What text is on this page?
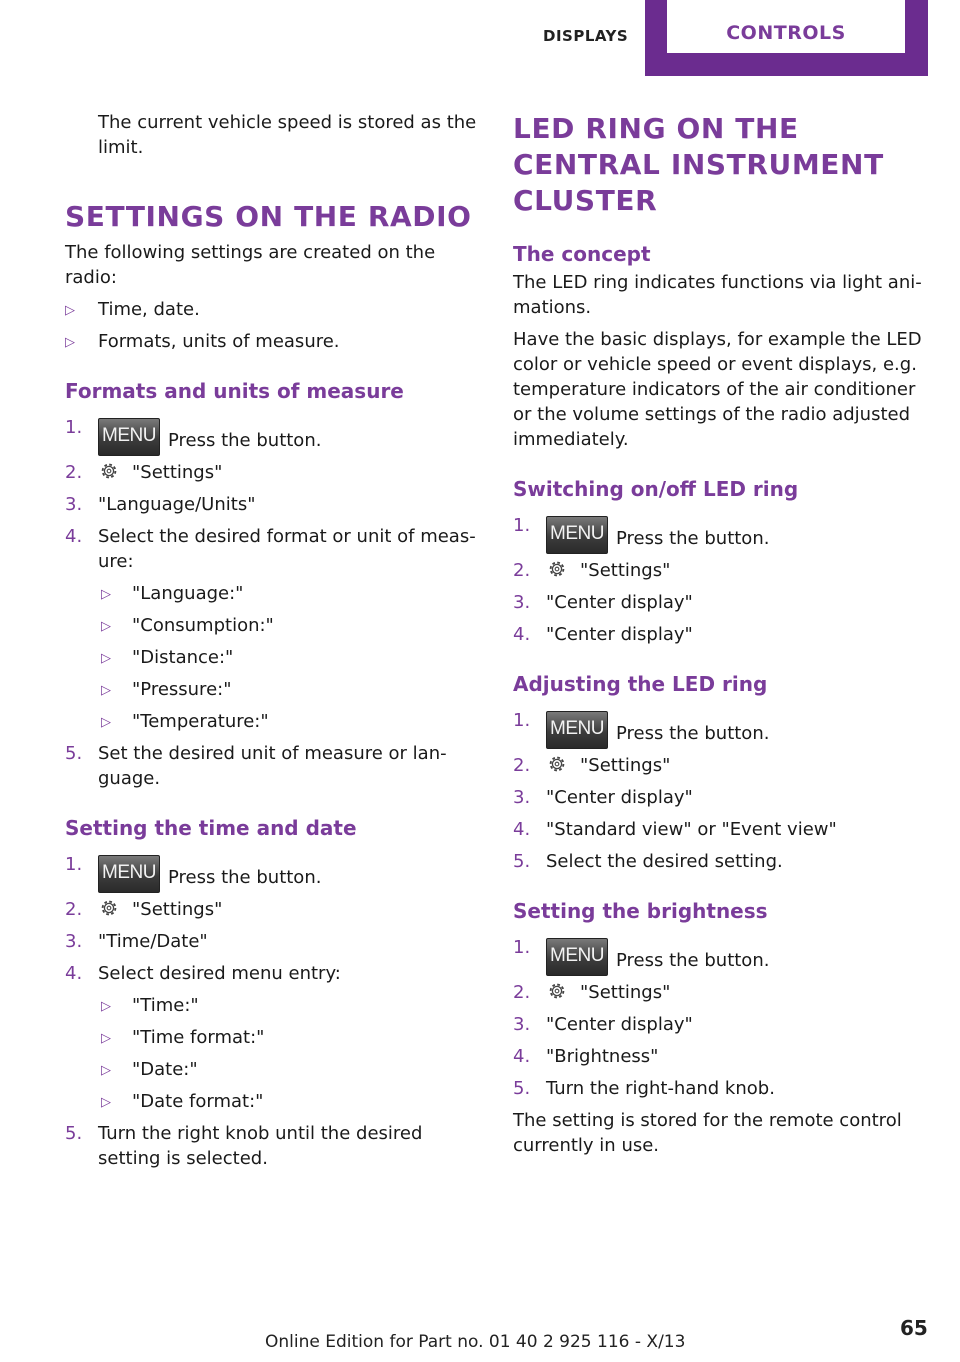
DISPLAYS	CONTROLS

The current vehicle speed is stored as the limit.

SETTINGS ON THE RADIO

The following settings are created on the radio:

▷ Time, date.
▷ Formats, units of measure.
Formats and units of measure
1. MENU Press the button.
2.	"Settings"
3. "Language/Units"
4. Select the desired format or unit of measure:
▷ "Language:"
▷ "Consumption:"
▷ "Distance:"
▷ "Pressure:"
▷ "Temperature:"
5. Set the desired unit of measure or language.
Setting the time and date
1. MENU Press the button.
2.	"Settings"
3. "Time/Date"
4. Select desired menu entry:
▷ "Time:"
▷ "Time format:"
▷ "Date:"
▷ "Date format:"
5. Turn the right knob until the desired setting is selected.
LED RING ON THE CENTRAL INSTRUMENT CLUSTER
The concept

The LED ring indicates functions via light animations.

Have the basic displays, for example the LED color or vehicle speed or event displays, e.g. temperature indicators of the air conditioner or the volume settings of the radio adjusted immediately.

Switching on/off LED ring
1. MENU Press the button.
2.	"Settings"
3. "Center display"
4. "Center display"
Adjusting the LED ring
1. MENU Press the button.
2.	"Settings"
3. "Center display"
4. "Standard view" or "Event view"
5. Select the desired setting.
Setting the brightness
1. MENU Press the button.
2.	"Settings"
3. "Center display"
4. "Brightness"
5. Turn the right-hand knob.

The setting is stored for the remote control currently in use.

Online Edition for Part no. 01 40 2 925 116 - X/13
65
